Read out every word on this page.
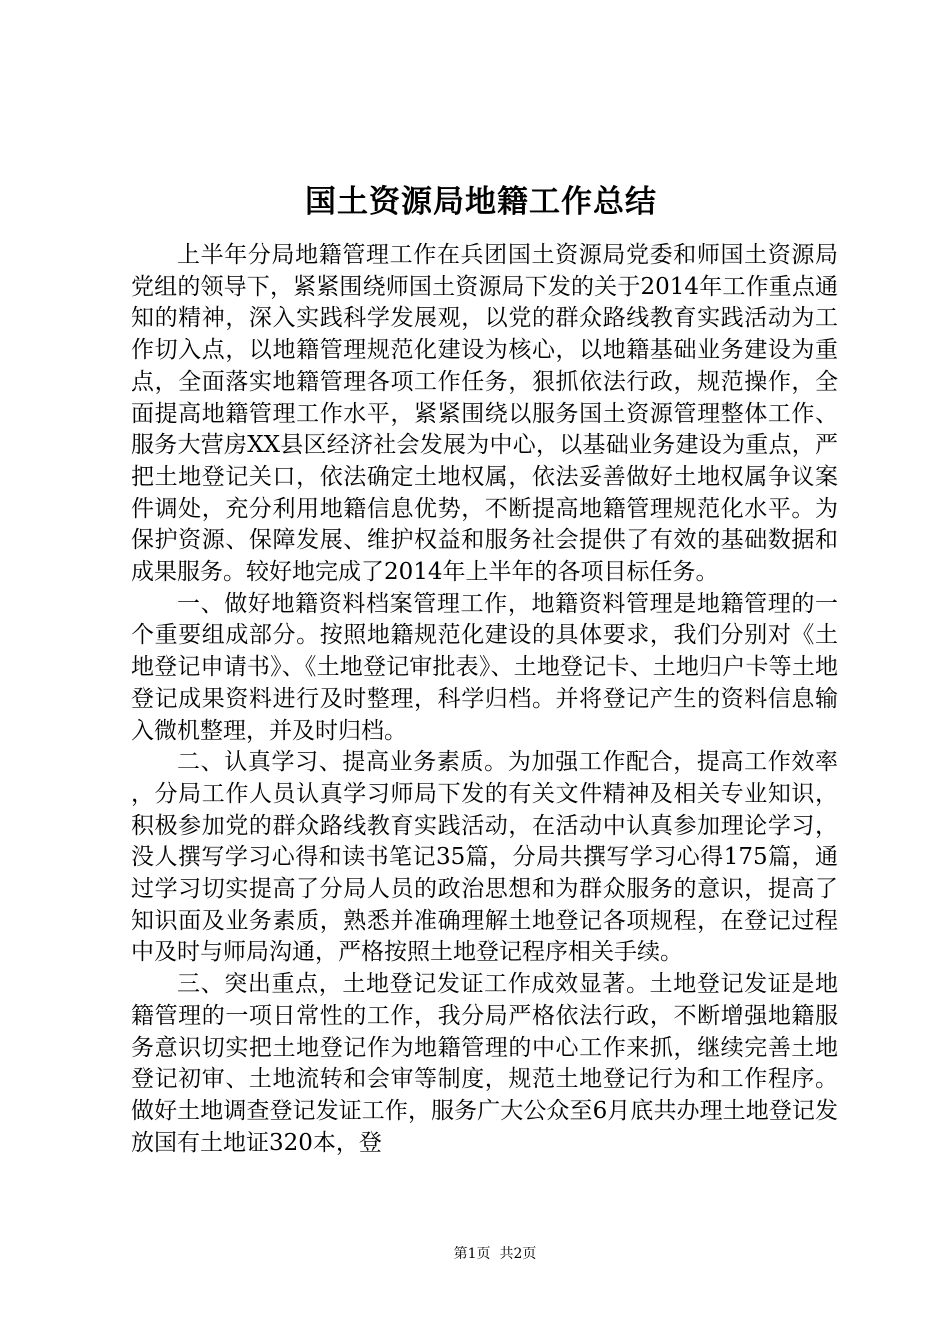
国土资源局地籍工作总结

上半年分局地籍管理工作在兵团国土资源局党委和师国土资源局党组的领导下，紧紧围绕师国土资源局下发的关于2014年工作重点通知的精神，深入实践科学发展观，以党的群众路线教育实践活动为工作切入点，以地籍管理规范化建设为核心，以地籍基础业务建设为重点，全面落实地籍管理各项工作任务，狠抓依法行政，规范操作，全面提高地籍管理工作水平，紧紧围绕以服务国土资源管理整体工作、服务大营房XX县区经济社会发展为中心，以基础业务建设为重点，严把土地登记关口，依法确定土地权属，依法妥善做好土地权属争议案件调处，充分利用地籍信息优势，不断提高地籍管理规范化水平。为保护资源、保障发展、维护权益和服务社会提供了有效的基础数据和成果服务。较好地完成了2014年上半年的各项目标任务。

一、做好地籍资料档案管理工作，地籍资料管理是地籍管理的一个重要组成部分。按照地籍规范化建设的具体要求，我们分别对《土地登记申请书》、《土地登记审批表》、土地登记卡、土地归户卡等土地登记成果资料进行及时整理，科学归档。并将登记产生的资料信息输入微机整理，并及时归档。

二、认真学习、提高业务素质。为加强工作配合，提高工作效率，分局工作人员认真学习师局下发的有关文件精神及相关专业知识，积极参加党的群众路线教育实践活动，在活动中认真参加理论学习，没人撰写学习心得和读书笔记35篇，分局共撰写学习心得175篇，通过学习切实提高了分局人员的政治思想和为群众服务的意识，提高了知识面及业务素质，熟悉并准确理解土地登记各项规程，在登记过程中及时与师局沟通，严格按照土地登记程序相关手续。

三、突出重点，土地登记发证工作成效显著。土地登记发证是地籍管理的一项日常性的工作，我分局严格依法行政，不断增强地籍服务意识切实把土地登记作为地籍管理的中心工作来抓，继续完善土地登记初审、土地流转和会审等制度，规范土地登记行为和工作程序。做好土地调查登记发证工作，服务广大公众至6月底共办理土地登记发放国有土地证320本，登

第1页  共2页
